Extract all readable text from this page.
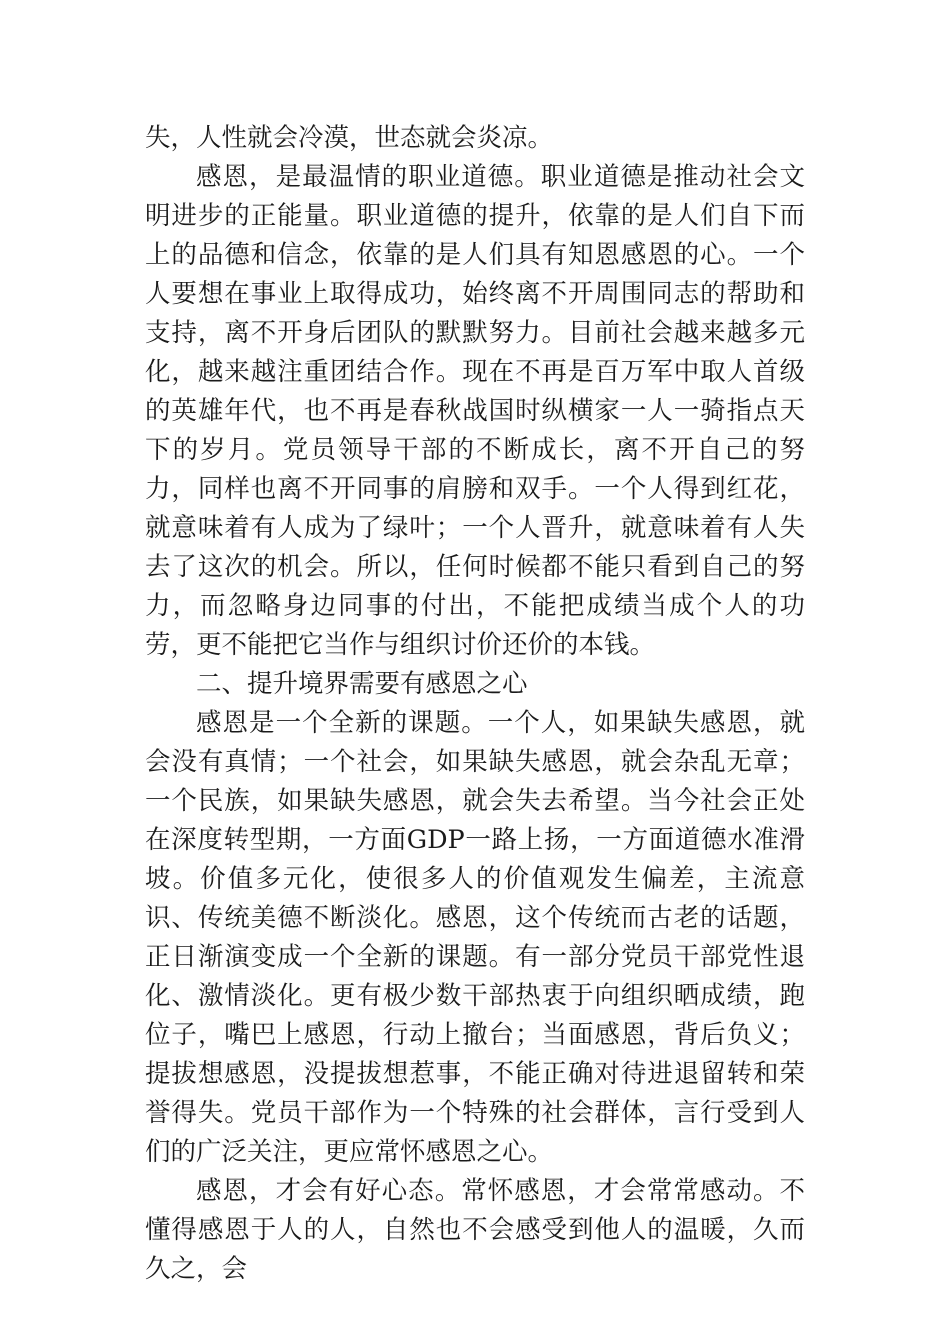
失，人性就会冷漠，世态就会炎凉。

感恩，是最温情的职业道德。职业道德是推动社会文明进步的正能量。职业道德的提升，依靠的是人们自下而上的品德和信念，依靠的是人们具有知恩感恩的心。一个人要想在事业上取得成功，始终离不开周围同志的帮助和支持，离不开身后团队的默默努力。目前社会越来越多元化，越来越注重团结合作。现在不再是百万军中取人首级的英雄年代，也不再是春秋战国时纵横家一人一骑指点天下的岁月。党员领导干部的不断成长，离不开自己的努力，同样也离不开同事的肩膀和双手。一个人得到红花，就意味着有人成为了绿叶；一个人晋升，就意味着有人失去了这次的机会。所以，任何时候都不能只看到自己的努力，而忽略身边同事的付出，不能把成绩当成个人的功劳，更不能把它当作与组织讨价还价的本钱。

二、提升境界需要有感恩之心

感恩是一个全新的课题。一个人，如果缺失感恩，就会没有真情；一个社会，如果缺失感恩，就会杂乱无章；一个民族，如果缺失感恩，就会失去希望。当今社会正处在深度转型期，一方面GDP一路上扬，一方面道德水准滑坡。价值多元化，使很多人的价值观发生偏差，主流意识、传统美德不断淡化。感恩，这个传统而古老的话题，正日渐演变成一个全新的课题。有一部分党员干部党性退化、激情淡化。更有极少数干部热衷于向组织晒成绩，跑位子，嘴巴上感恩，行动上撤台；当面感恩，背后负义；提拔想感恩，没提拔想惹事，不能正确对待进退留转和荣誉得失。党员干部作为一个特殊的社会群体，言行受到人们的广泛关注，更应常怀感恩之心。

感恩，才会有好心态。常怀感恩，才会常常感动。不懂得感恩于人的人，自然也不会感受到他人的温暖，久而久之，会
